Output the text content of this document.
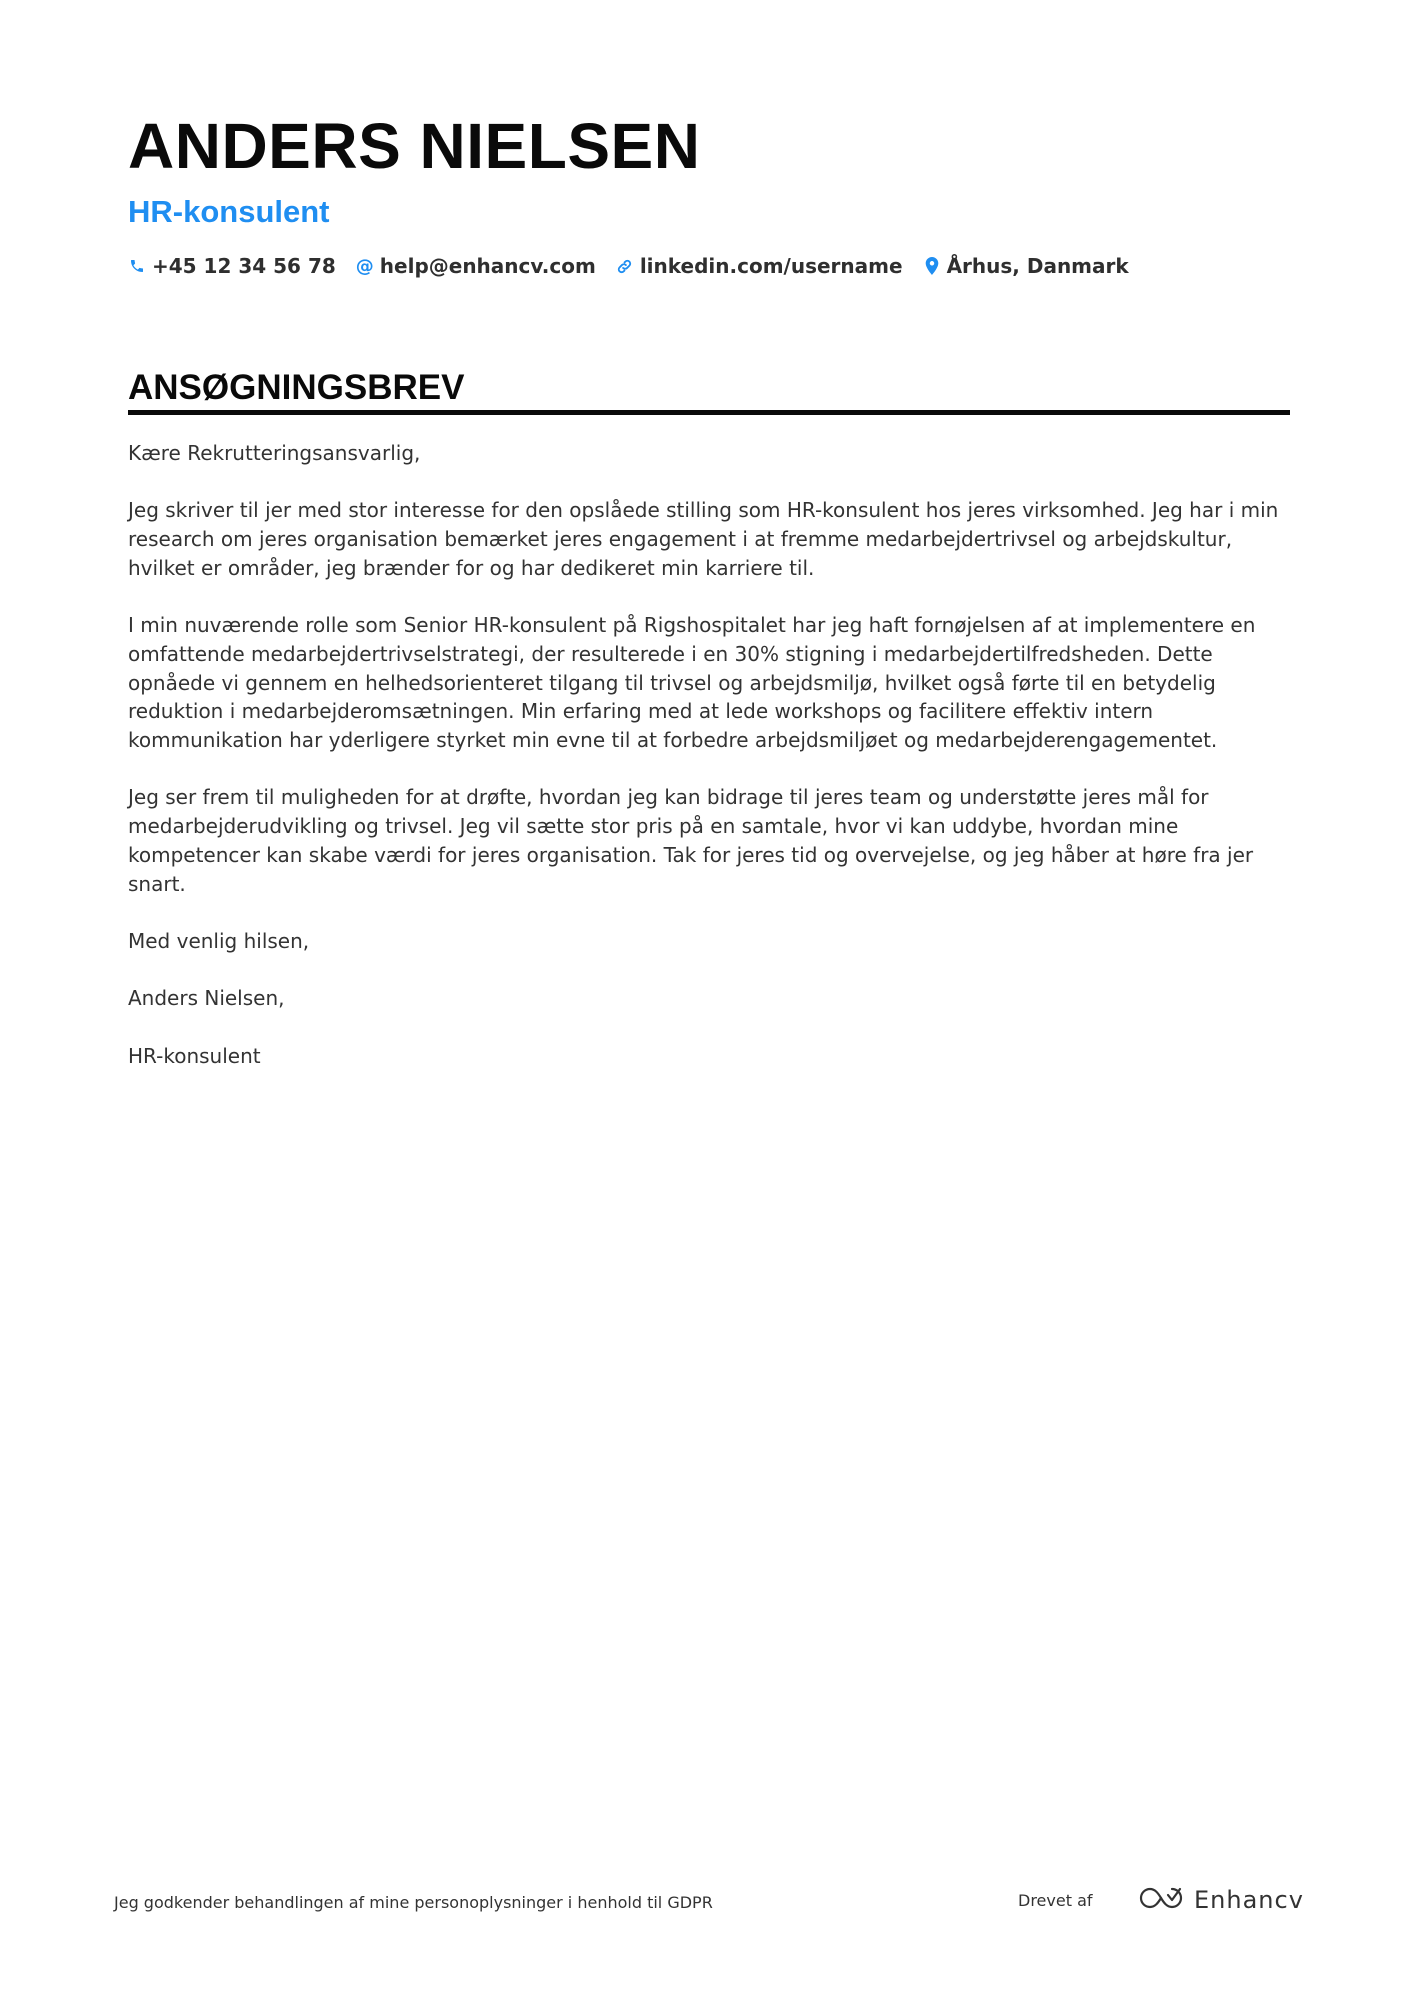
ANDERS NIELSEN
HR-konsulent
+45 12 34 56 78 @ help@enhancv.com linkedin.com/username Århus, Danmark
ANSØGNINGSBREV

Kære Rekrutteringsansvarlig,

Jeg skriver til jer med stor interesse for den opslåede stilling som HR-konsulent hos jeres virksomhed. Jeg har i min research om jeres organisation bemærket jeres engagement i at fremme medarbejdertrivsel og arbejdskultur, hvilket er områder, jeg brænder for og har dedikeret min karriere til.

I min nuværende rolle som Senior HR-konsulent på Rigshospitalet har jeg haft fornøjelsen af at implementere en omfattende medarbejdertrivselstrategi, der resulterede i en 30% stigning i medarbejdertilfredsheden. Dette opnåede vi gennem en helhedsorienteret tilgang til trivsel og arbejdsmiljø, hvilket også førte til en betydelig reduktion i medarbejderomsætningen. Min erfaring med at lede workshops og facilitere effektiv intern kommunikation har yderligere styrket min evne til at forbedre arbejdsmiljøet og medarbejderengagementet.

Jeg ser frem til muligheden for at drøfte, hvordan jeg kan bidrage til jeres team og understøtte jeres mål for medarbejderudvikling og trivsel. Jeg vil sætte stor pris på en samtale, hvor vi kan uddybe, hvordan mine kompetencer kan skabe værdi for jeres organisation. Tak for jeres tid og overvejelse, og jeg håber at høre fra jer snart.

Med venlig hilsen,

Anders Nielsen,

HR-konsulent

Jeg godkender behandlingen af mine personoplysninger i henhold til GDPR	Drevet af	Enhancv
